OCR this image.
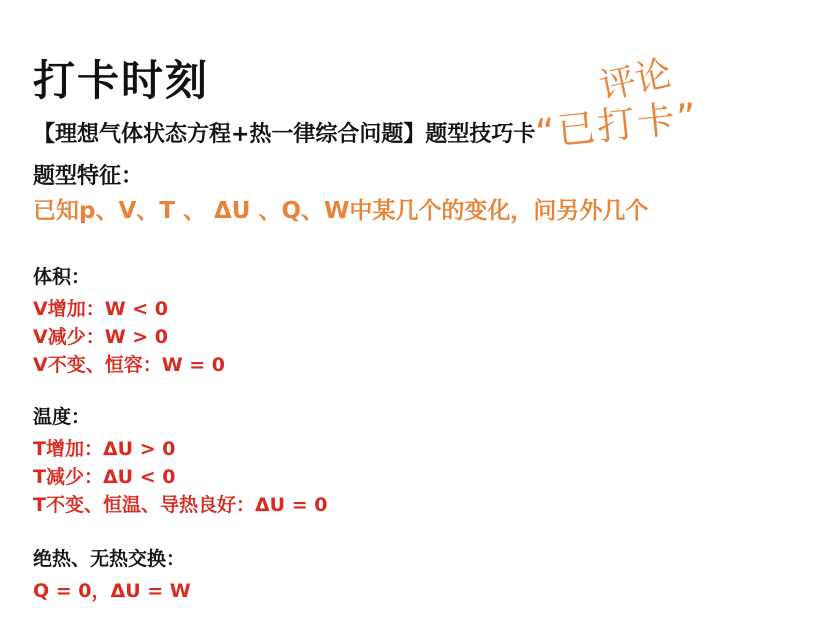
打卡时刻
【理想气体状态方程+热一律综合问题】题型技巧卡
评论
“已打卡”
题型特征：
已知p、V、T 、 ΔU 、Q、W中某几个的变化，问另外几个
体积：
V增加：W < 0
V减少：W > 0
V不变、恒容：W = 0
温度：
T增加：ΔU > 0
T减少：ΔU < 0
T不变、恒温、导热良好：ΔU = 0
绝热、无热交换：
Q = 0，ΔU = W
